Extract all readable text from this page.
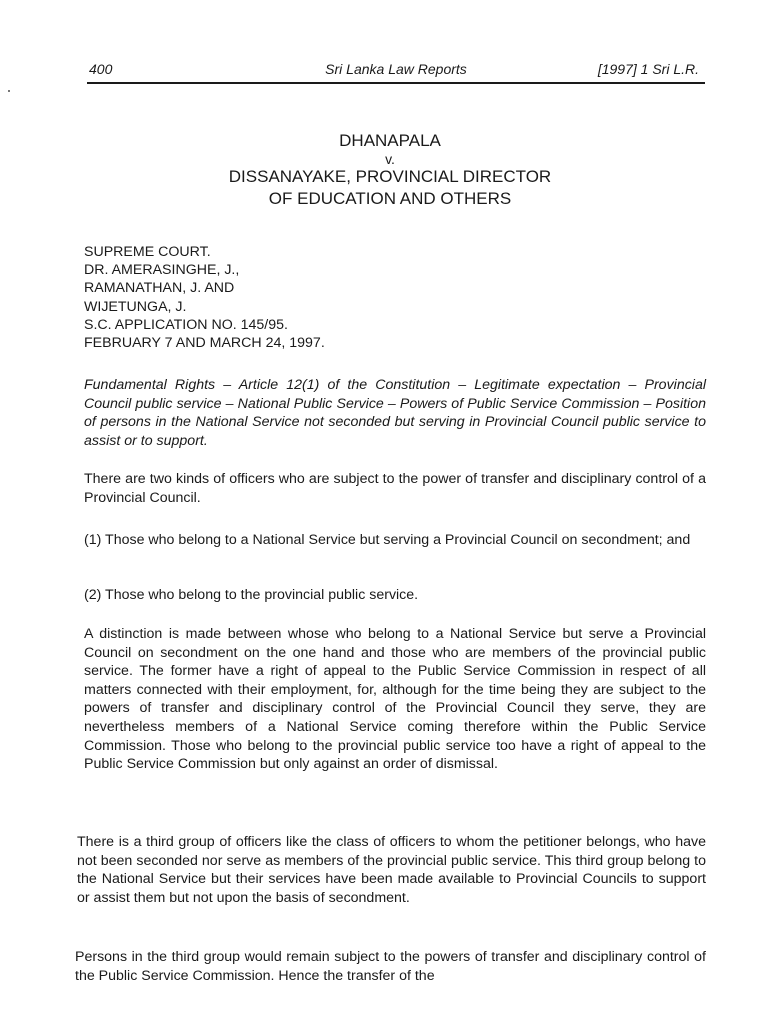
400	Sri Lanka Law Reports	[1997] 1 Sri L.R.
DHANAPALA
v.
DISSANAYAKE, PROVINCIAL DIRECTOR
OF EDUCATION AND OTHERS
SUPREME COURT.
DR. AMERASINGHE, J.,
RAMANATHAN, J. AND
WIJETUNGA, J.
S.C. APPLICATION NO. 145/95.
FEBRUARY 7 AND MARCH 24, 1997.
Fundamental Rights – Article 12(1) of the Constitution – Legitimate expectation – Provincial Council public service – National Public Service – Powers of Public Service Commission – Position of persons in the National Service not seconded but serving in Provincial Council public service to assist or to support.
There are two kinds of officers who are subject to the power of transfer and disciplinary control of a Provincial Council.
(1) Those who belong to a National Service but serving a Provincial Council on secondment; and
(2) Those who belong to the provincial public service.
A distinction is made between whose who belong to a National Service but serve a Provincial Council on secondment on the one hand and those who are members of the provincial public service. The former have a right of appeal to the Public Service Commission in respect of all matters connected with their employment, for, although for the time being they are subject to the powers of transfer and disciplinary control of the Provincial Council they serve, they are nevertheless members of a National Service coming therefore within the Public Service Commission. Those who belong to the provincial public service too have a right of appeal to the Public Service Commission but only against an order of dismissal.
There is a third group of officers like the class of officers to whom the petitioner belongs, who have not been seconded nor serve as members of the provincial public service. This third group belong to the National Service but their services have been made available to Provincial Councils to support or assist them but not upon the basis of secondment.
Persons in the third group would remain subject to the powers of transfer and disciplinary control of the Public Service Commission. Hence the transfer of the
